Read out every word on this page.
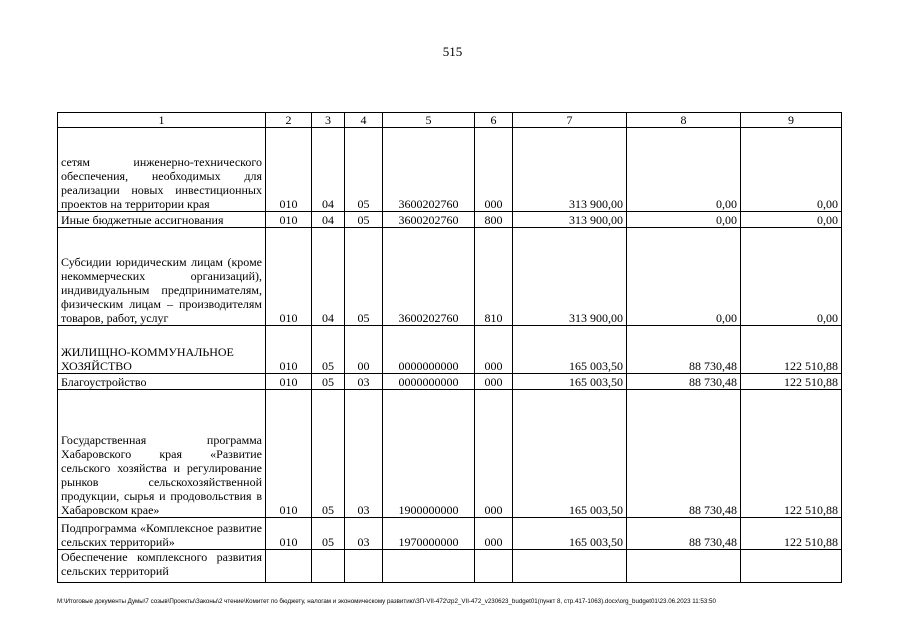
515
1	2	3	4	5	6	7	8	9
сетям инженерно-технического обеспечения, необходимых для реализации новых инвестиционных проектов на территории края	010	04	05	3600202760	000	313 900,00	0,00	0,00
Иные бюджетные ассигнования	010	04	05	3600202760	800	313 900,00	0,00	0,00
Субсидии юридическим лицам (кроме некоммерческих организаций), индивидуальным предпринимателям, физическим лицам – производителям товаров, работ, услуг	010	04	05	3600202760	810	313 900,00	0,00	0,00
ЖИЛИЩНО-КОММУНАЛЬНОЕ ХОЗЯЙСТВО	010	05	00	0000000000	000	165 003,50	88 730,48	122 510,88
Благоустройство	010	05	03	0000000000	000	165 003,50	88 730,48	122 510,88
Государственная программа Хабаровского края «Развитие сельского хозяйства и регулирование рынков сельскохозяйственной продукции, сырья и продовольствия в Хабаровском крае»	010	05	03	1900000000	000	165 003,50	88 730,48	122 510,88
Подпрограмма «Комплексное развитие сельских территорий»	010	05	03	1970000000	000	165 003,50	88 730,48	122 510,88
Обеспечение комплексного развития сельских территорий								
M:\Итоговые документы Думы\7 созыв\Проекты\Законы\2 чтение\Комитет по бюджету, налогам и экономическому развитию\ЗП-VII-472\zp2_VII-472_v230623_budget01(пункт 8, стр.417-1063).docx\org_budget01\23.06.2023 11:53:50
